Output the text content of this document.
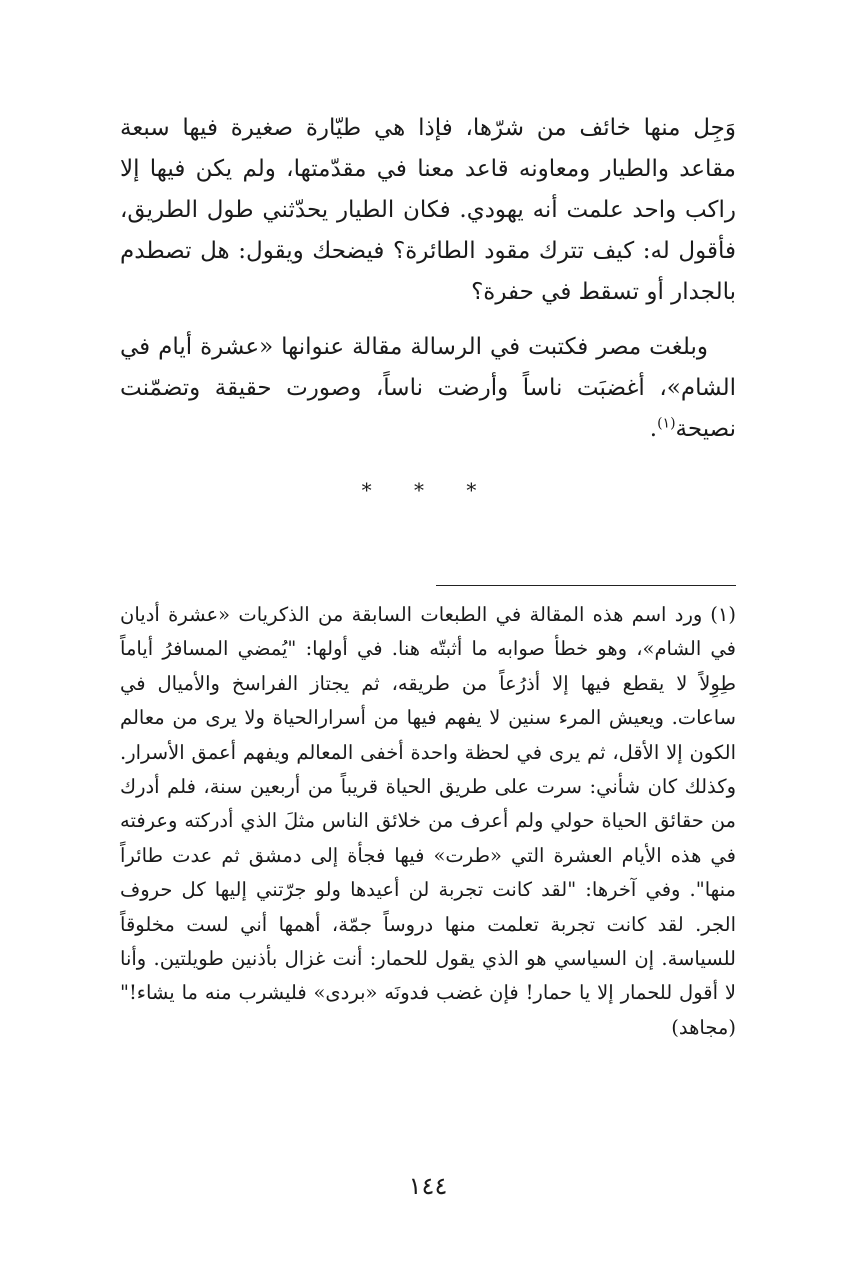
وَجِل منها خائف من شرّها، فإذا هي طيّارة صغيرة فيها سبعة مقاعد والطيار ومعاونه قاعد معنا في مقدّمتها، ولم يكن فيها إلا راكب واحد علمت أنه يهودي. فكان الطيار يحدّثني طول الطريق، فأقول له: كيف تترك مقود الطائرة؟ فيضحك ويقول: هل تصطدم بالجدار أو تسقط في حفرة؟

وبلغت مصر فكتبت في الرسالة مقالة عنوانها «عشرة أيام في الشام»، أغضبَت ناساً وأرضت ناساً، وصورت حقيقة وتضمّنت نصيحة$^{(١)}$.

* * *

(١)ورد اسم هذه المقالة في الطبعات السابقة من الذكريات «عشرة أديان في الشام»، وهو خطأ صوابه ما أثبتّه هنا. في أولها: "يُمضي المسافرُ أياماً طِوِلاً لا يقطع فيها إلا أذرُعاً من طريقه، ثم يجتاز الفراسخ والأميال في ساعات. ويعيش المرء سنين لا يفهم فيها من أسرارالحياة ولا يرى من معالم الكون إلا الأقل، ثم يرى في لحظة واحدة أخفى المعالم ويفهم أعمق الأسرار. وكذلك كان شأني: سرت على طريق الحياة قريباً من أربعين سنة، فلم أدرك من حقائق الحياة حولي ولم أعرف من خلائق الناس مثلَ الذي أدركته وعرفته في هذه الأيام العشرة التي «طرت» فيها فجأة إلى دمشق ثم عدت طائراً منها". وفي آخرها: "لقد كانت تجربة لن أعيدها ولو جرّتني إليها كل حروف الجر. لقد كانت تجربة تعلمت منها دروساً جمّة، أهمها أني لست مخلوقاً للسياسة. إن السياسي هو الذي يقول للحمار: أنت غزال بأذنين طويلتين. وأنا لا أقول للحمار إلا يا حمار! فإن غضب فدونَه «بردى» فليشرب منه ما يشاء!" (مجاهد)

١٤٤
